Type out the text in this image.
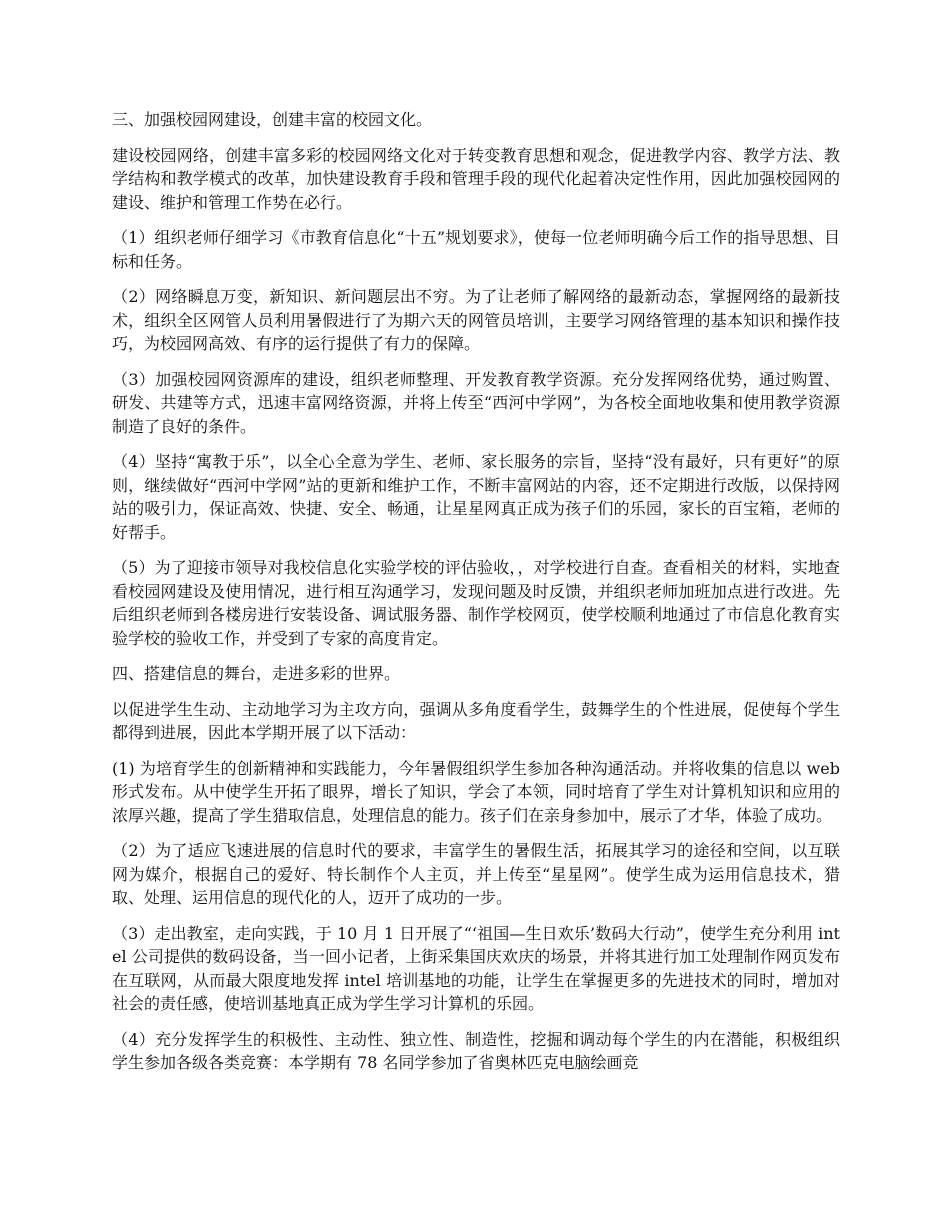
三、加强校园网建设，创建丰富的校园文化。

建设校园网络，创建丰富多彩的校园网络文化对于转变教育思想和观念，促进教学内容、教学方法、教学结构和教学模式的改革，加快建设教育手段和管理手段的现代化起着决定性作用，因此加强校园网的建设、维护和管理工作势在必行。

（1）组织老师仔细学习《市教育信息化“十五”规划要求》，使每一位老师明确今后工作的指导思想、目标和任务。

（2）网络瞬息万变，新知识、新问题层出不穷。为了让老师了解网络的最新动态，掌握网络的最新技术，组织全区网管人员利用暑假进行了为期六天的网管员培训，主要学习网络管理的基本知识和操作技巧，为校园网高效、有序的运行提供了有力的保障。

（3）加强校园网资源库的建设，组织老师整理、开发教育教学资源。充分发挥网络优势，通过购置、研发、共建等方式，迅速丰富网络资源，并将上传至“西河中学网”，为各校全面地收集和使用教学资源制造了良好的条件。

（4）坚持“寓教于乐”，以全心全意为学生、老师、家长服务的宗旨，坚持“没有最好，只有更好”的原则，继续做好“西河中学网”站的更新和维护工作，不断丰富网站的内容，还不定期进行改版，以保持网站的吸引力，保证高效、快捷、安全、畅通，让星星网真正成为孩子们的乐园，家长的百宝箱，老师的好帮手。

（5）为了迎接市领导对我校信息化实验学校的评估验收，，对学校进行自查。查看相关的材料，实地查看校园网建设及使用情况，进行相互沟通学习，发现问题及时反馈，并组织老师加班加点进行改进。先后组织老师到各楼房进行安装设备、调试服务器、制作学校网页，使学校顺利地通过了市信息化教育实验学校的验收工作，并受到了专家的高度肯定。

四、搭建信息的舞台，走进多彩的世界。

以促进学生生动、主动地学习为主攻方向，强调从多角度看学生，鼓舞学生的个性进展，促使每个学生都得到进展，因此本学期开展了以下活动：

(1) 为培育学生的创新精神和实践能力，今年暑假组织学生参加各种沟通活动。并将收集的信息以 web 形式发布。从中使学生开拓了眼界，增长了知识，学会了本领，同时培育了学生对计算机知识和应用的浓厚兴趣，提高了学生猎取信息，处理信息的能力。孩子们在亲身参加中，展示了才华，体验了成功。

（2）为了适应飞速进展的信息时代的要求，丰富学生的暑假生活，拓展其学习的途径和空间，以互联网为媒介，根据自己的爱好、特长制作个人主页，并上传至“星星网”。使学生成为运用信息技术，猎取、处理、运用信息的现代化的人，迈开了成功的一步。

（3）走出教室，走向实践，于 10 月 1 日开展了“‘祖国—生日欢乐’数码大行动”，使学生充分利用 intel 公司提供的数码设备，当一回小记者，上街采集国庆欢庆的场景，并将其进行加工处理制作网页发布在互联网，从而最大限度地发挥 intel 培训基地的功能，让学生在掌握更多的先进技术的同时，增加对社会的责任感，使培训基地真正成为学生学习计算机的乐园。

（4）充分发挥学生的积极性、主动性、独立性、制造性，挖掘和调动每个学生的内在潜能，积极组织学生参加各级各类竞赛：本学期有 78 名同学参加了省奥林匹克电脑绘画竞
